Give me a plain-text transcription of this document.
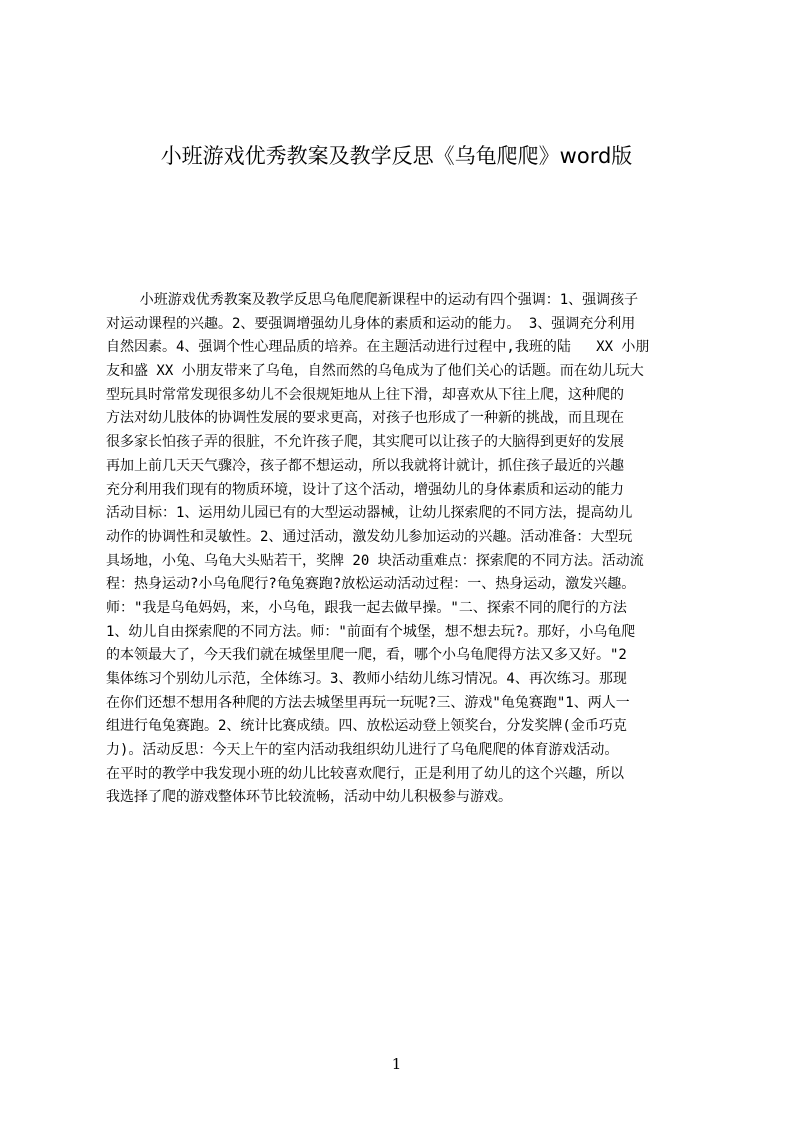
小班游戏优秀教案及教学反思《乌龟爬爬》word版
小班游戏优秀教案及教学反思乌龟爬爬新课程中的运动有四个强调：1、强调孩子
对运动课程的兴趣。2、要强调增强幼儿身体的素质和运动的能力。 3、强调充分利用
自然因素。4、强调个性心理品质的培养。在主题活动进行过程中,我班的陆   XX 小朋
友和盛 XX 小朋友带来了乌龟，自然而然的乌龟成为了他们关心的话题。而在幼儿玩大
型玩具时常常发现很多幼儿不会很规矩地从上往下滑，却喜欢从下往上爬，这种爬的
方法对幼儿肢体的协调性发展的要求更高，对孩子也形成了一种新的挑战，而且现在
很多家长怕孩子弄的很脏，不允许孩子爬，其实爬可以让孩子的大脑得到更好的发展
再加上前几天天气骤冷，孩子都不想运动，所以我就将计就计，抓住孩子最近的兴趣
充分利用我们现有的物质环境，设计了这个活动，增强幼儿的身体素质和运动的能力
活动目标：1、运用幼儿园已有的大型运动器械，让幼儿探索爬的不同方法，提高幼儿
动作的协调性和灵敏性。2、通过活动，激发幼儿参加运动的兴趣。活动准备：大型玩
具场地，小兔、乌龟大头贴若干，奖牌 20 块活动重难点：探索爬的不同方法。活动流
程：热身运动?小乌龟爬行?龟兔赛跑?放松运动活动过程：一、热身运动，激发兴趣。
师："我是乌龟妈妈，来，小乌龟，跟我一起去做早操。"二、探索不同的爬行的方法
1、幼儿自由探索爬的不同方法。师："前面有个城堡，想不想去玩?。那好，小乌龟爬
的本领最大了，今天我们就在城堡里爬一爬，看，哪个小乌龟爬得方法又多又好。"2
集体练习个别幼儿示范，全体练习。3、教师小结幼儿练习情况。4、再次练习。那现
在你们还想不想用各种爬的方法去城堡里再玩一玩呢?三、游戏"龟兔赛跑"1、两人一
组进行龟兔赛跑。2、统计比赛成绩。四、放松运动登上领奖台，分发奖牌(金币巧克
力)。活动反思：今天上午的室内活动我组织幼儿进行了乌龟爬爬的体育游戏活动。
在平时的教学中我发现小班的幼儿比较喜欢爬行，正是利用了幼儿的这个兴趣，所以
我选择了爬的游戏整体环节比较流畅，活动中幼儿积极参与游戏。
1
